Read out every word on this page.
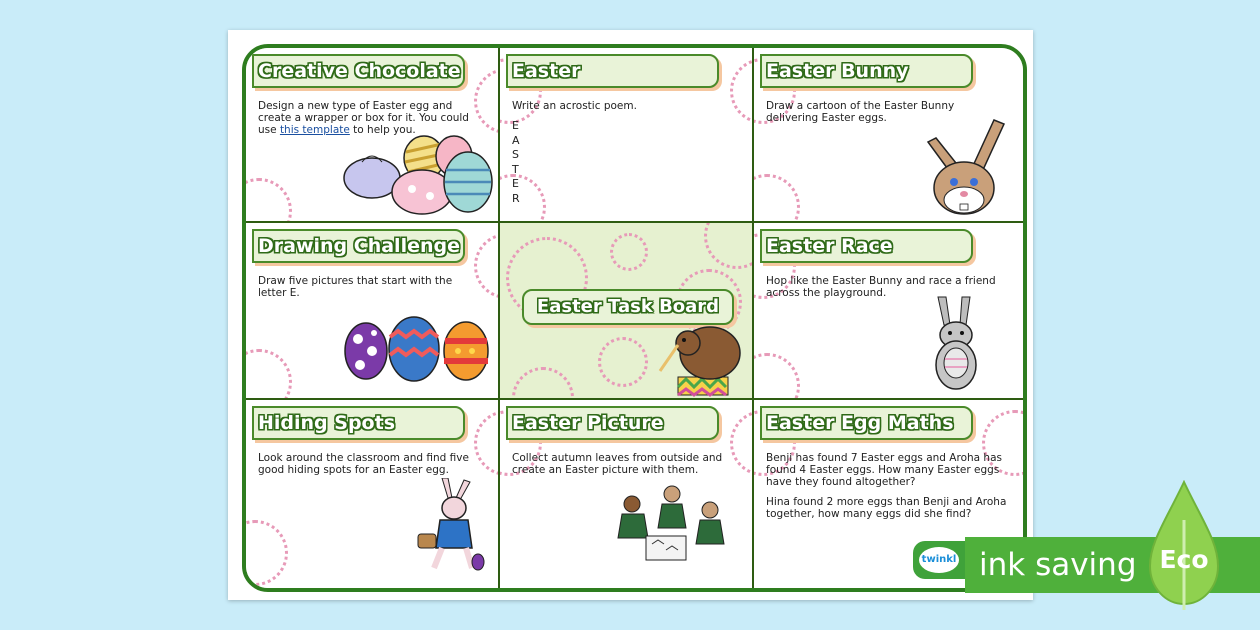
Creative Chocolate
Design a new type of Easter egg and create a wrapper or box for it. You could use this template to help you.
Easter
Write an acrostic poem.
E
A
S
T
E
R
Easter Bunny
Draw a cartoon of the Easter Bunny delivering Easter eggs.
Drawing Challenge
Draw five pictures that start with the letter E.
Easter Task Board
Easter Race
Hop like the Easter Bunny and race a friend across the playground.
Hiding Spots
Look around the classroom and find five good hiding spots for an Easter egg.
Easter Picture
Collect autumn leaves from outside and create an Easter picture with them.
Easter Egg Maths
Benji has found 7 Easter eggs and Aroha has found 4 Easter eggs. How many Easter eggs have they found altogether?
Hina found 2 more eggs than Benji and Aroha together, how many eggs did she find?
twinkl ink saving Eco
